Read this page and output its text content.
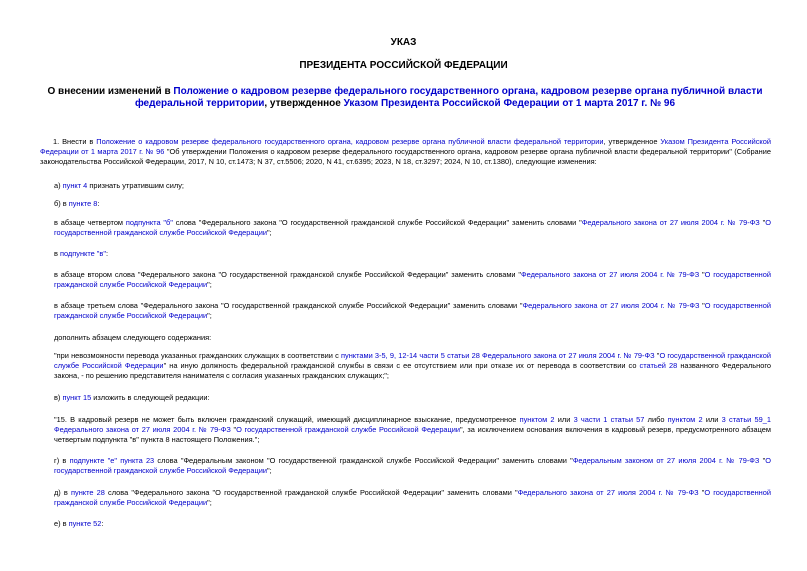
УКАЗ
ПРЕЗИДЕНТА РОССИЙСКОЙ ФЕДЕРАЦИИ
О внесении изменений в Положение о кадровом резерве федерального государственного органа, кадровом резерве органа публичной власти федеральной территории, утвержденное Указом Президента Российской Федерации от 1 марта 2017 г. № 96
1. Внести в Положение о кадровом резерве федерального государственного органа, кадровом резерве органа публичной власти федеральной территории, утвержденное Указом Президента Российской Федерации от 1 марта 2017 г. № 96 "Об утверждении Положения о кадровом резерве федерального государственного органа, кадровом резерве органа публичной власти федеральной территории" (Собрание законодательства Российской Федерации, 2017, N 10, ст.1473; N 37, ст.5506; 2020, N 41, ст.6395; 2023, N 18, ст.3297; 2024, N 10, ст.1380), следующие изменения:
а) пункт 4 признать утратившим силу;
б) в пункте 8:
в абзаце четвертом подпункта "б" слова "Федерального закона "О государственной гражданской службе Российской Федерации" заменить словами "Федерального закона от 27 июля 2004 г. № 79-ФЗ "О государственной гражданской службе Российской Федерации";
в подпункте "в":
в абзаце втором слова "Федерального закона "О государственной гражданской службе Российской Федерации" заменить словами "Федерального закона от 27 июля 2004 г. № 79-ФЗ "О государственной гражданской службе Российской Федерации";
в абзаце третьем слова "Федерального закона "О государственной гражданской службе Российской Федерации" заменить словами "Федерального закона от 27 июля 2004 г. № 79-ФЗ "О государственной гражданской службе Российской Федерации";
дополнить абзацем следующего содержания:
"при невозможности перевода указанных гражданских служащих в соответствии с пунктами 3-5, 9, 12-14 части 5 статьи 28 Федерального закона от 27 июля 2004 г. № 79-ФЗ "О государственной гражданской службе Российской Федерации" на иную должность федеральной гражданской службы в связи с ее отсутствием или при отказе их от перевода в соответствии со статьей 28 названного Федерального закона, - по решению представителя нанимателя с согласия указанных гражданских служащих;";
в) пункт 15 изложить в следующей редакции:
"15. В кадровый резерв не может быть включен гражданский служащий, имеющий дисциплинарное взыскание, предусмотренное пунктом 2 или 3 части 1 статьи 57 либо пунктом 2 или 3 статьи 59_1 Федерального закона от 27 июля 2004 г. № 79-ФЗ "О государственной гражданской службе Российской Федерации", за исключением основания включения в кадровый резерв, предусмотренного абзацем четвертым подпункта "в" пункта 8 настоящего Положения.";
г) в подпункте "е" пункта 23 слова "Федеральным законом "О государственной гражданской службе Российской Федерации" заменить словами "Федеральным законом от 27 июля 2004 г. № 79-ФЗ "О государственной гражданской службе Российской Федерации";
д) в пункте 28 слова "Федерального закона "О государственной гражданской службе Российской Федерации" заменить словами "Федерального закона от 27 июля 2004 г. № 79-ФЗ "О государственной гражданской службе Российской Федерации";
е) в пункте 52:
